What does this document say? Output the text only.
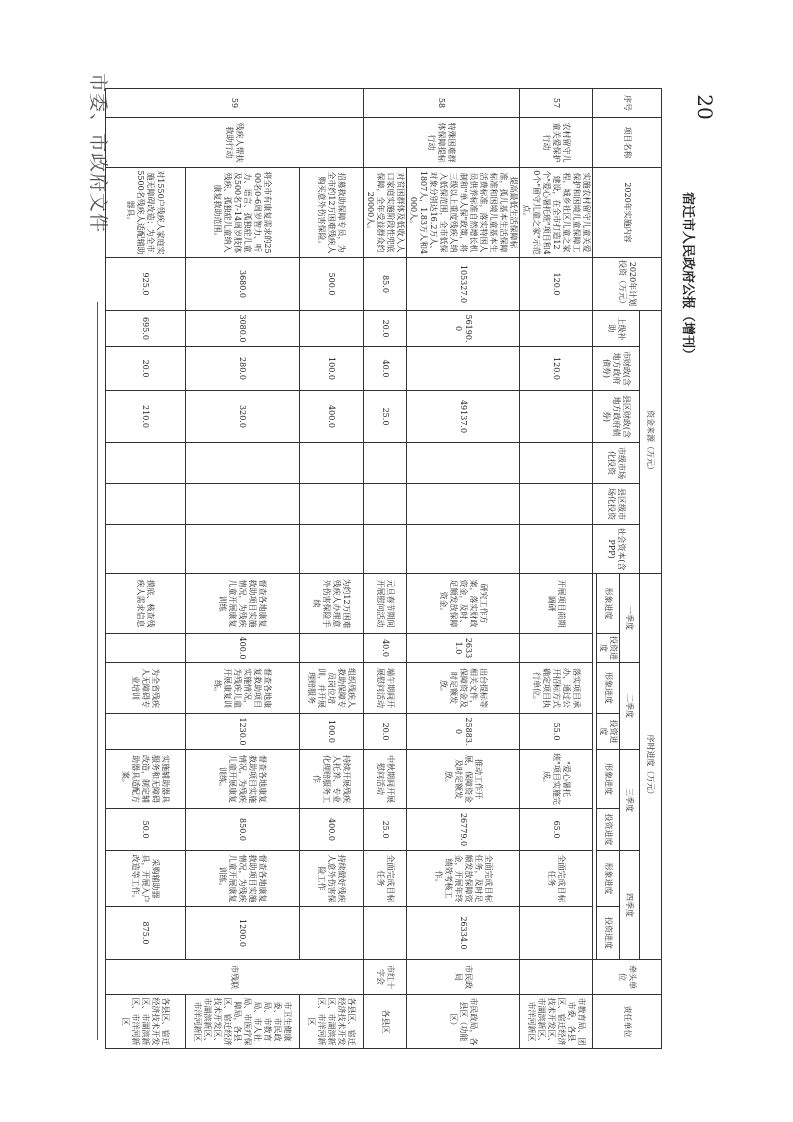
市委、市政府文件	序号	项目名称	2020年实施内容	2020年计划投资（万元）	资金来源（万元）						序时进度（万元）								牵头单位	责任单位
				上级补助	市财政(含地方政府债券)	县区财政(含地方政府债券)	市级市场化投资	县区级市场化投资	社会资本(含PPP)	一季度		二季度		三季度		四季度			
										形象进度	投资进度	形象进度	投资进度	形象进度	投资进度	形象进度	投资进度		

57	农村留守儿童关爱保护行动	实施农村留守儿童关爱保护和困境儿童保障工程，城乡社区儿童之家建设，在全市打造12个"爱心暑托班"项目和40个"留守儿童之家"示范点。	120.0		120.0					开展项目前期调研		落实项目承办，通过公开招标方式确定项目执行单位。	55.0	"爱心暑托班"项目实施完成。	65.0	全面完成目标任务			市教育局、团市委，各县区、宿迁经济技术开发区、市湖滨新区、市洋河新区
58	特殊困难群体保障提标行动	提高最低生活保障标准，孤儿基本生活保障标准和困境儿童基本生活费标准，落实特困人员供养标准自然增长机制和"单人保"政策，将三级以上重度残疾人纳入低保范围，全市低保对象分别达16.2万人、1807人，1.83万人和4000人。	105327.0	56190.0		49137.0				研究工作方案，落实财政资金，及时、足额发放保障资金。	26331.0	出台提标等相关文件，保障资金及时足额发放。	25883.0	推动工作开展，保障资金及时足额发放。	26779.0	全面完成目标任务，及时足额发放保障资金，开展年终绩效考核工作。	26334.0	市民政局	市民政局，各县区（功能区）
		对贫困群体及低收入人口家庭实施阶段性兜底保障，全年受益群众约20000人。	85.0	20.0	40.0	25.0				元旦春节期间开展慰问活动	40.0	端午期间开展慰问活动	20.0	中秋期间开展慰问活动	25.0	全面完成目标任务		市红十字会	各县区
59	残疾人帮扶救助行动	招募救助保障专员，为全市约12万困难残疾人购买意外伤害保险。	500.0		100.0	400.0				为约12万困难残疾人办理意外伤害保险手续		组织残疾人救助保障专员岗位培训，并开展理赔服务	100.0	持续开展残疾人托养、专业化理赔服务工作	400.0	持续做好残疾人意外伤害保险工作		市残联	各县区、宿迁经济技术开发区、市湖滨新区、市洋河新区
		将全市有康复需求的2500名0-6周岁智力、听力、语言、孤独症儿童及500名7-14周岁肢体残疾、孤独症儿童纳入康复救助范围。	3680.0	3080.0	280.0	320.0				督查各地康复救助项目实施情况，为残疾儿童开展康复训练	400.0	督查各地康复救助项目实施情况，为残疾儿童开展康复训练。	1230.0	督查各地康复救助项目实施情况，为残疾儿童开展康复训练。	850.0	督查各地康复救助项目实施情况，为残疾儿童开展康复训练。	1200.0		市卫生健康委、市民政局、市教育局、市人社局、市医疗保障局，各县区、宿迁经济技术开发区、市湖滨新区、市洋河新区
		对1550户残疾人家庭实施无障碍改造；为全市5500名残疾人适配辅助器具。	925.0	695.0	20.0	210.0				摸底、核查残疾人需求信息		为全省残疾人无障碍专业培训		实施辅助器具服务和无障碍改造，制定辅助器具适配方案。	50.0	采购辅助器具，开展入户改造等工作。	875.0		各县区、宿迁经济技术开发区、市湖滨新区、市洋河新区
20
宿迁市人民政府公报（增刊）
